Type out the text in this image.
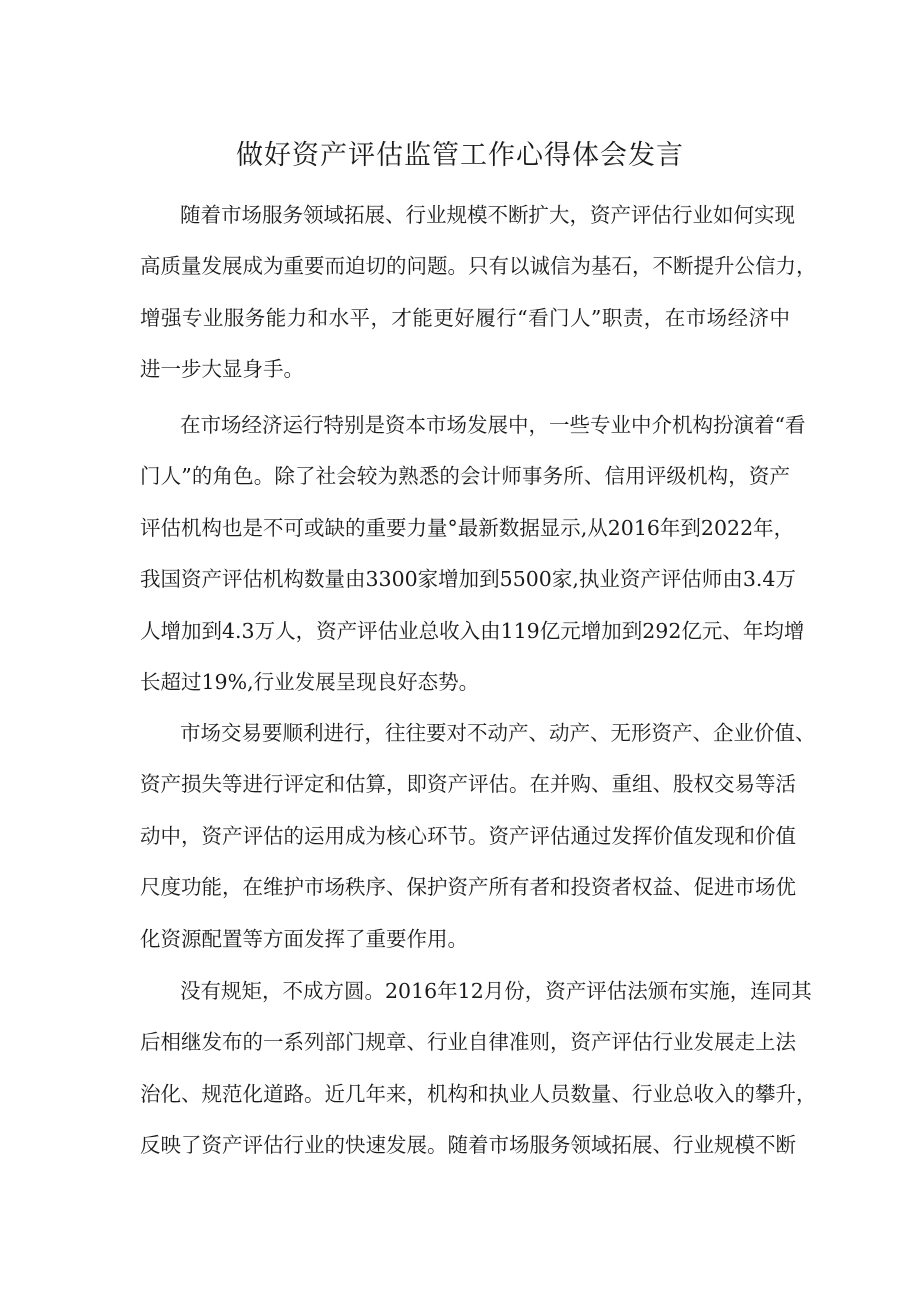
做好资产评估监管工作心得体会发言
随着市场服务领域拓展、行业规模不断扩大，资产评估行业如何实现
高质量发展成为重要而迫切的问题。只有以诚信为基石，不断提升公信力，
增强专业服务能力和水平，才能更好履行“看门人”职责，在市场经济中
进一步大显身手。
在市场经济运行特别是资本市场发展中，一些专业中介机构扮演着“看
门人”的角色。除了社会较为熟悉的会计师事务所、信用评级机构，资产
评估机构也是不可或缺的重要力量°最新数据显示,从2016年到2022年，
我国资产评估机构数量由3300家增加到5500家,执业资产评估师由3.4万
人增加到4.3万人，资产评估业总收入由119亿元增加到292亿元、年均增
长超过19%,行业发展呈现良好态势。
市场交易要顺利进行，往往要对不动产、动产、无形资产、企业价值、
资产损失等进行评定和估算，即资产评估。在并购、重组、股权交易等活
动中，资产评估的运用成为核心环节。资产评估通过发挥价值发现和价值
尺度功能，在维护市场秩序、保护资产所有者和投资者权益、促进市场优
化资源配置等方面发挥了重要作用。
没有规矩，不成方圆。2016年12月份，资产评估法颁布实施，连同其
后相继发布的一系列部门规章、行业自律准则，资产评估行业发展走上法
治化、规范化道路。近几年来，机构和执业人员数量、行业总收入的攀升，
反映了资产评估行业的快速发展。随着市场服务领域拓展、行业规模不断
